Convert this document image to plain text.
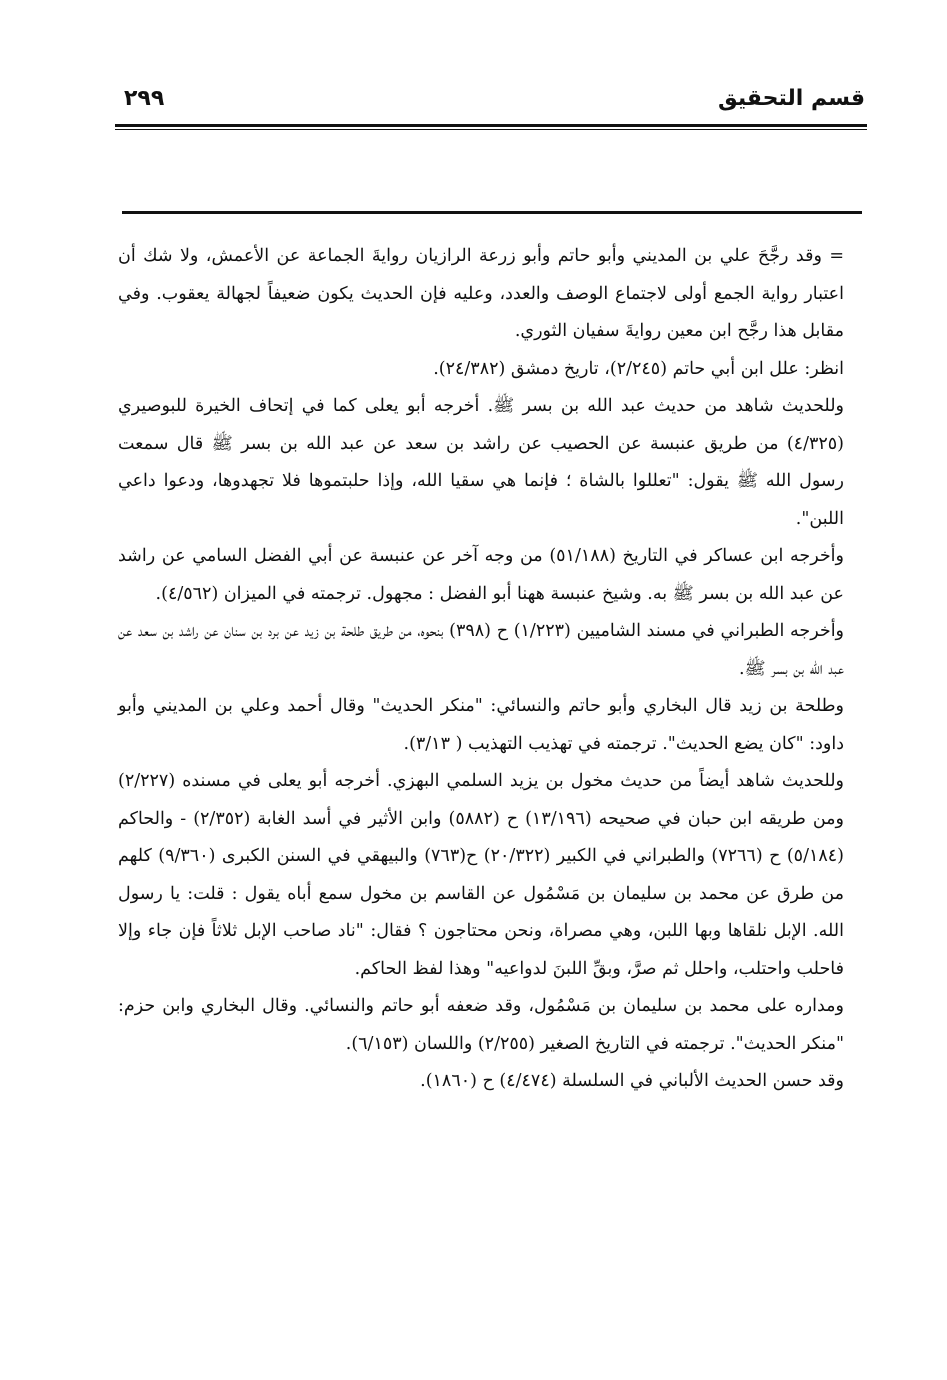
قسم التحقيق
٢٩٩

= وقد رجَّحَ علي بن المديني وأبو حاتم وأبو زرعة الرازيان روايةَ الجماعة عن الأعمش، ولا شك أن اعتبار رواية الجمع أولى لاجتماع الوصف والعدد، وعليه فإن الحديث يكون ضعيفاً لجهالة يعقوب. وفي مقابل هذا رجَّح ابن معين روايةَ سفيان الثوري.

انظر: علل ابن أبي حاتم (٢/٢٤٥)، تاريخ دمشق (٢٤/٣٨٢).

وللحديث شاهد من حديث عبد الله بن بسر ﷺ. أخرجه أبو يعلى كما في إتحاف الخيرة للبوصيري (٤/٣٢٥) من طريق عنبسة عن الحصيب عن راشد بن سعد عن عبد الله بن بسر ﷺ قال سمعت رسول الله ﷺ يقول: "تعللوا بالشاة ؛ فإنما هي سقيا الله، وإذا حلبتموها فلا تجهدوها، ودعوا داعي اللبن".

وأخرجه ابن عساكر في التاريخ (٥١/١٨٨) من وجه آخر عن عنبسة عن أبي الفضل السامي عن راشد عن عبد الله بن بسر ﷺ به. وشيخ عنبسة ههنا أبو الفضل : مجهول. ترجمته في الميزان (٤/٥٦٢).

وأخرجه الطبراني في مسند الشاميين (١/٢٢٣) ح (٣٩٨) بنحوه، من طريق طلحة بن زيد عن برد بن سنان عن راشد بن سعد عن عبد الله بن بسر ﷺ.

وطلحة بن زيد قال البخاري وأبو حاتم والنسائي: "منكر الحديث" وقال أحمد وعلي بن المديني وأبو داود: "كان يضع الحديث". ترجمته في تهذيب التهذيب ( ٣/١٣).

وللحديث شاهد أيضاً من حديث مخول بن يزيد السلمي البهزي. أخرجه أبو يعلى في مسنده (٢/٢٢٧) ومن طريقه ابن حبان في صحيحه (١٣/١٩٦) ح (٥٨٨٢) وابن الأثير في أسد الغابة (٢/٣٥٢) - والحاكم (٥/١٨٤) ح (٧٢٦٦) والطبراني في الكبير (٢٠/٣٢٢) ح(٧٦٣) والبيهقي في السنن الكبرى (٩/٣٦٠) كلهم من طرق عن محمد بن سليمان بن مَسْمُول عن القاسم بن مخول سمع أباه يقول : قلت: يا رسول الله. الإبل نلقاها وبها اللبن، وهي مصراة، ونحن محتاجون ؟ فقال: "ناد صاحب الإبل ثلاثاً فإن جاء وإلا فاحلب واحتلب، واحلل ثم صرَّ، وبقِّ اللبنَ لدواعيه" وهذا لفظ الحاكم.

ومداره على محمد بن سليمان بن مَسْمُول، وقد ضعفه أبو حاتم والنسائي. وقال البخاري وابن حزم: "منكر الحديث". ترجمته في التاريخ الصغير (٢/٢٥٥) واللسان (٦/١٥٣).

وقد حسن الحديث الألباني في السلسلة (٤/٤٧٤) ح (١٨٦٠).
